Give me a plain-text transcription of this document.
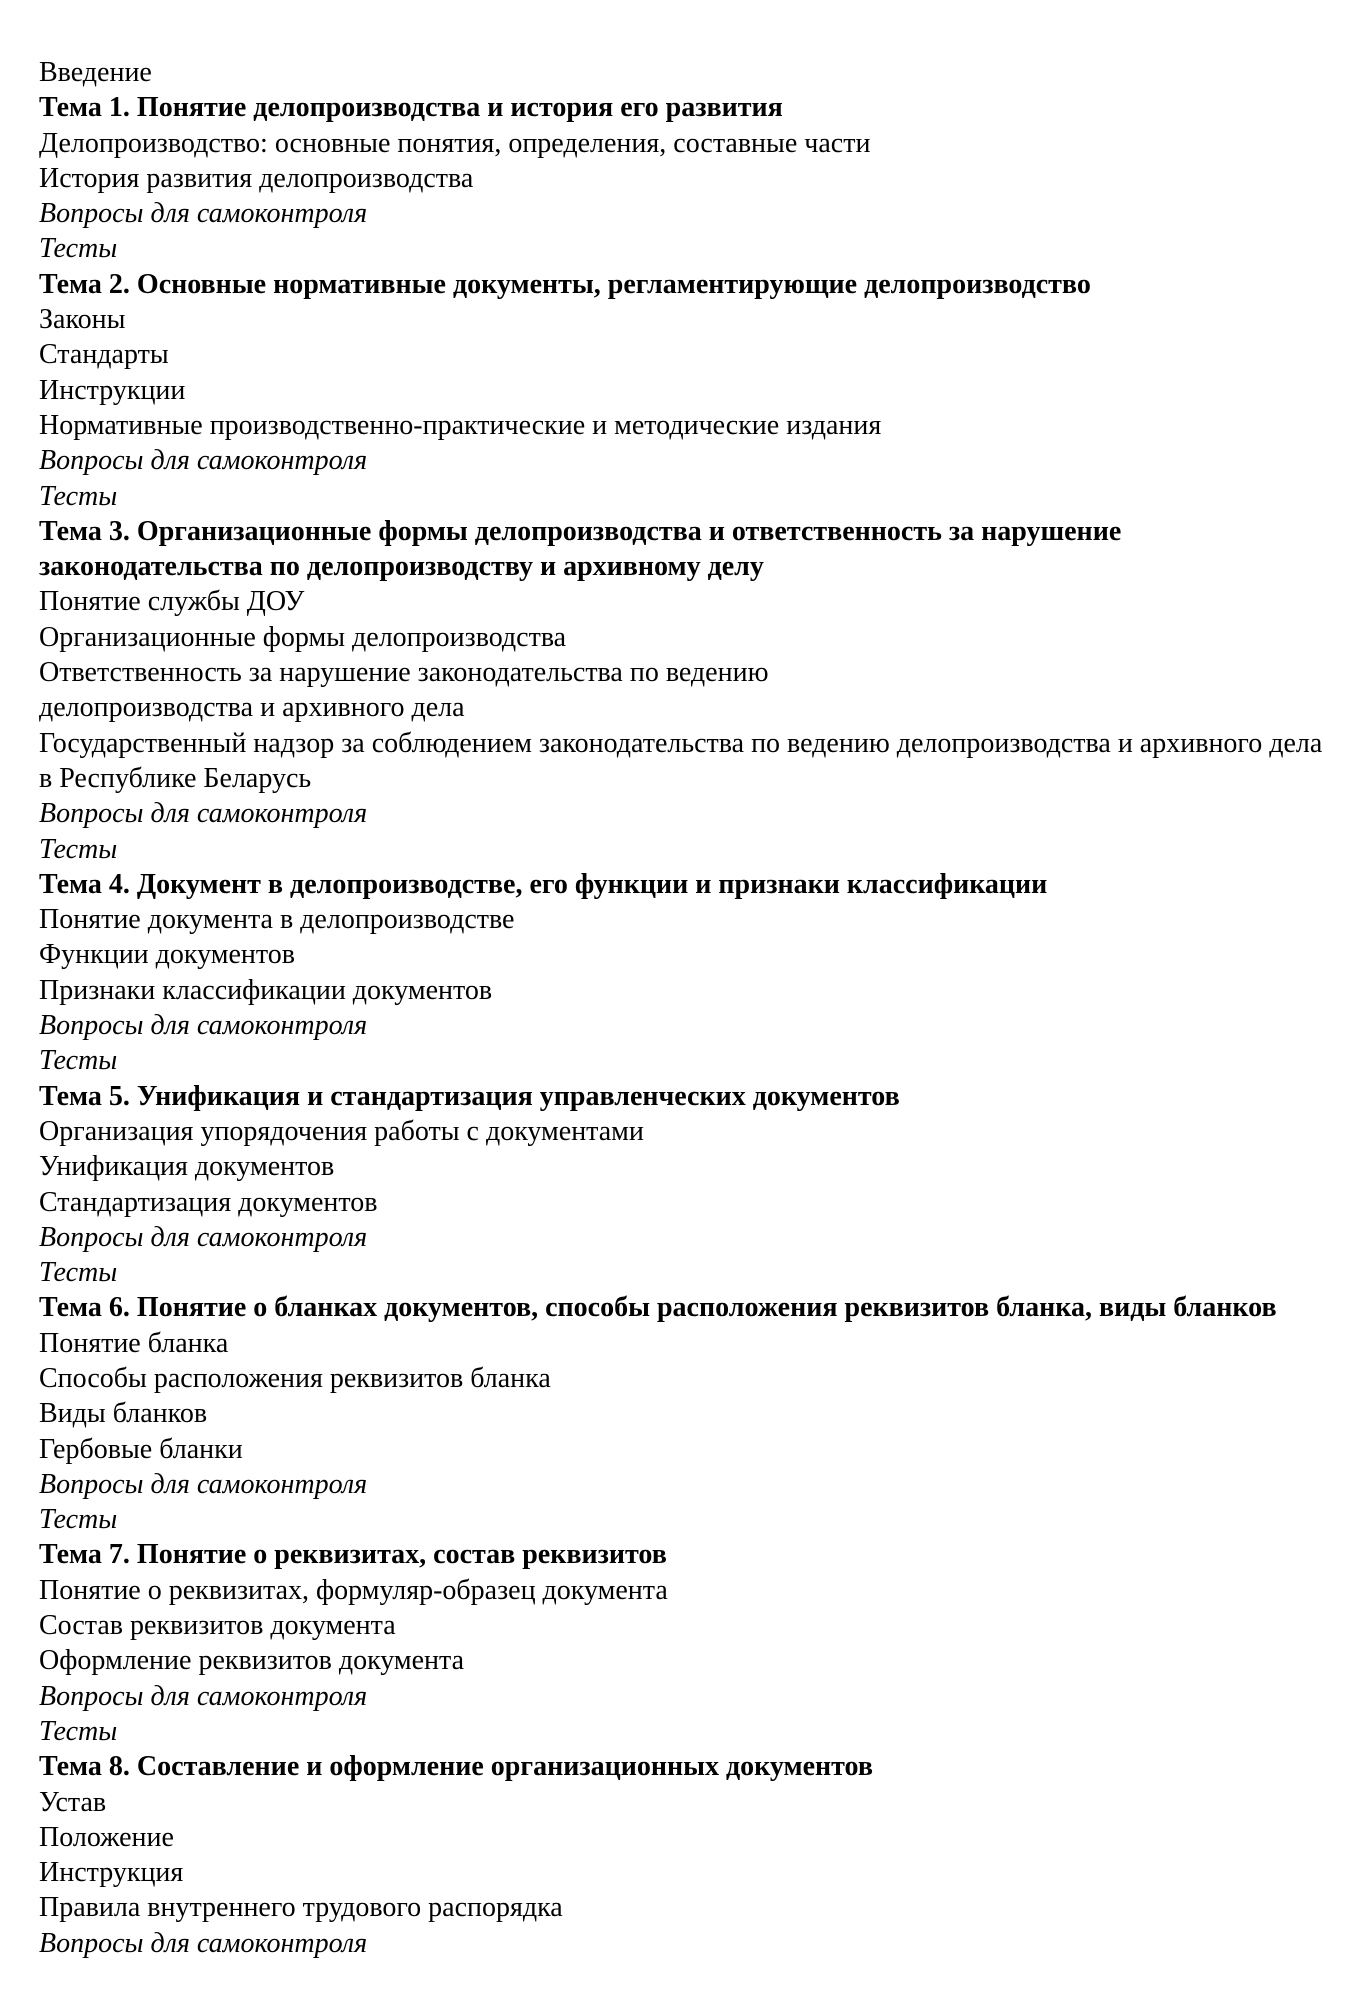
Введение
Тема 1. Понятие делопроизводства и история его развития
Делопроизводство: основные понятия, определения, составные части
История развития делопроизводства
Вопросы для самоконтроля
Тесты
Тема 2. Основные нормативные документы, регламентирующие делопроизводство
Законы
Стандарты
Инструкции
Нормативные производственно-практические и методические издания
Вопросы для самоконтроля
Тесты
Тема 3. Организационные формы делопроизводства и ответственность за нарушение законодательства по делопроизводству и архивному делу
Понятие службы ДОУ
Организационные формы делопроизводства
Ответственность за нарушение законодательства по ведению
делопроизводства и архивного дела
Государственный надзор за соблюдением законодательства по ведению делопроизводства и архивного дела в Республике Беларусь
Вопросы для самоконтроля
Тесты
Тема 4. Документ в делопроизводстве, его функции и признаки классификации
Понятие документа в делопроизводстве
Функции документов
Признаки классификации документов
Вопросы для самоконтроля
Тесты
Тема 5. Унификация и стандартизация управленческих документов
Организация упорядочения работы с документами
Унификация документов
Стандартизация документов
Вопросы для самоконтроля
Тесты
Тема 6. Понятие о бланках документов, способы расположения реквизитов бланка, виды бланков
Понятие бланка
Способы расположения реквизитов бланка
Виды бланков
Гербовые бланки
Вопросы для самоконтроля
Тесты
Тема 7. Понятие о реквизитах, состав реквизитов
Понятие о реквизитах, формуляр-образец документа
Состав реквизитов документа
Оформление реквизитов документа
Вопросы для самоконтроля
Тесты
Тема 8. Составление и оформление организационных документов
Устав
Положение
Инструкция
Правила внутреннего трудового распорядка
Вопросы для самоконтроля
